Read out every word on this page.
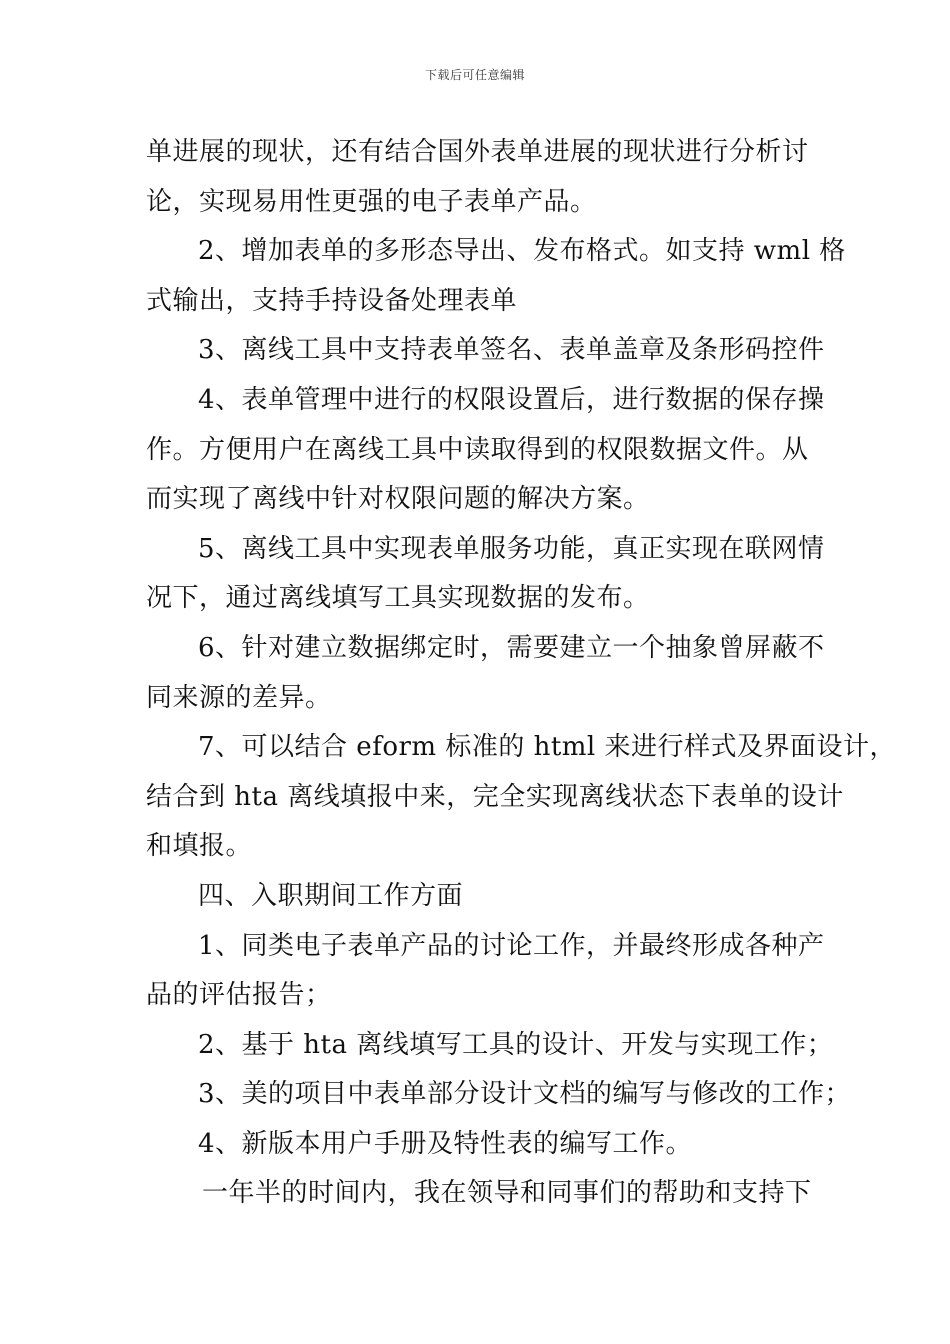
下载后可任意编辑
单进展的现状，还有结合国外表单进展的现状进行分析讨
论，实现易用性更强的电子表单产品。
2、增加表单的多形态导出、发布格式。如支持 wml 格
式输出，支持手持设备处理表单
3、离线工具中支持表单签名、表单盖章及条形码控件
4、表单管理中进行的权限设置后，进行数据的保存操
作。方便用户在离线工具中读取得到的权限数据文件。从
而实现了离线中针对权限问题的解决方案。
5、离线工具中实现表单服务功能，真正实现在联网情
况下，通过离线填写工具实现数据的发布。
6、针对建立数据绑定时，需要建立一个抽象曾屏蔽不
同来源的差异。
7、可以结合 eform 标准的 html 来进行样式及界面设计，
结合到 hta 离线填报中来，完全实现离线状态下表单的设计
和填报。
四、入职期间工作方面
1、同类电子表单产品的讨论工作，并最终形成各种产
品的评估报告；
2、基于 hta 离线填写工具的设计、开发与实现工作；
3、美的项目中表单部分设计文档的编写与修改的工作；
4、新版本用户手册及特性表的编写工作。
一年半的时间内，我在领导和同事们的帮助和支持下
